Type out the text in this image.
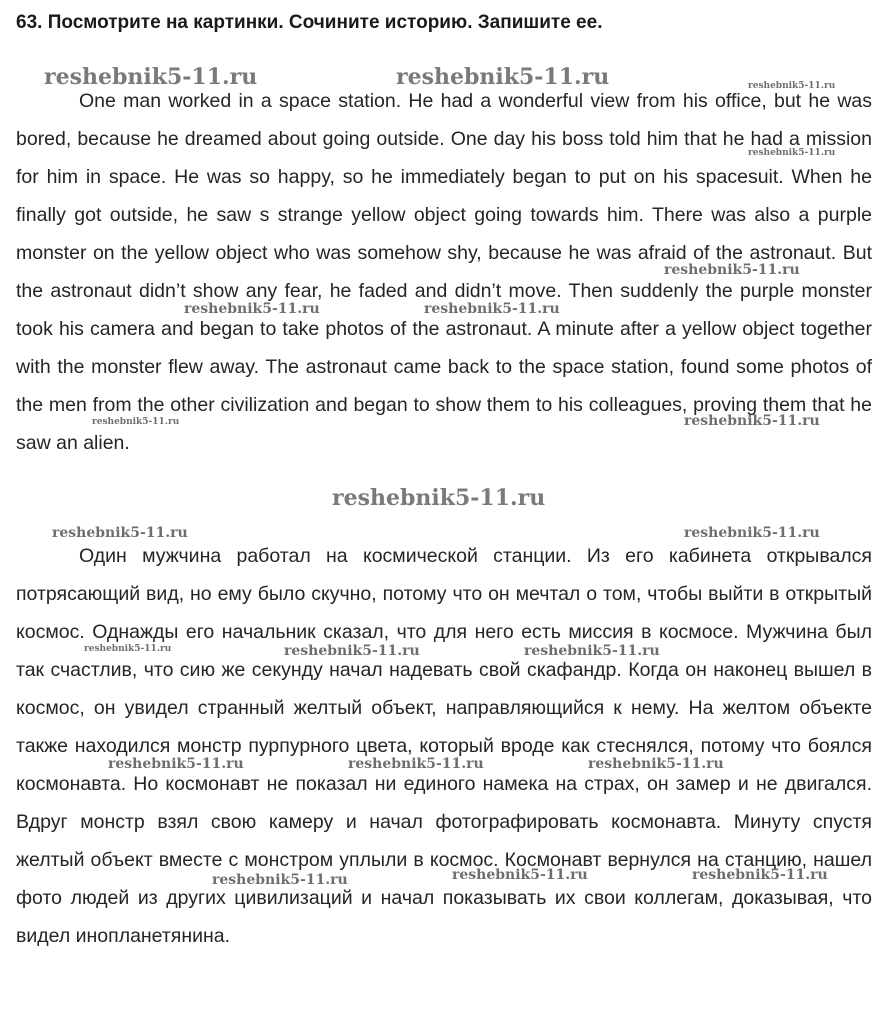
63. Посмотрите на картинки. Сочините историю. Запишите ее.

One man worked in a space station. He had a wonderful view from his office, but he was bored, because he dreamed about going outside. One day his boss told him that he had a mission for him in space. He was so happy, so he immediately began to put on his spacesuit. When he finally got outside, he saw s strange yellow object going towards him. There was also a purple monster on the yellow object who was somehow shy, because he was afraid of the astronaut. But the astronaut didn’t show any fear, he faded and didn’t move. Then suddenly the purple monster took his camera and began to take photos of the astronaut. A minute after a yellow object together with the monster flew away. The astronaut came back to the space station, found some photos of the men from the other civilization and began to show them to his colleagues, proving them that he saw an alien.

Один мужчина работал на космической станции. Из его кабинета открывался потрясающий вид, но ему было скучно, потому что он мечтал о том, чтобы выйти в открытый космос. Однажды его начальник сказал, что для него есть миссия в космосе. Мужчина был так счастлив, что сию же секунду начал надевать свой скафандр. Когда он наконец вышел в космос, он увидел странный желтый объект, направляющийся к нему. На желтом объекте также находился монстр пурпурного цвета, который вроде как стеснялся, потому что боялся космонавта. Но космонавт не показал ни единого намека на страх, он замер и не двигался. Вдруг монстр взял свою камеру и начал фотографировать космонавта. Минуту спустя желтый объект вместе с монстром уплыли в космос. Космонавт вернулся на станцию, нашел фото людей из других цивилизаций и начал показывать их свои коллегам, доказывая, что видел инопланетянина.

reshebnik5-11.ru	reshebnik5-11.ru	reshebnik5-11.ru
reshebnik5-11.ru
reshebnik5-11.ru
reshebnik5-11.ru	reshebnik5-11.ru
reshebnik5-11.ru
reshebnik5-11.ru
reshebnik5-11.ru
reshebnik5-11.ru	reshebnik5-11.ru
reshebnik5-11.ru	reshebnik5-11.ru	reshebnik5-11.ru
reshebnik5-11.ru	reshebnik5-11.ru	reshebnik5-11.ru
reshebnik5-11.ru	reshebnik5-11.ru	reshebnik5-11.ru
